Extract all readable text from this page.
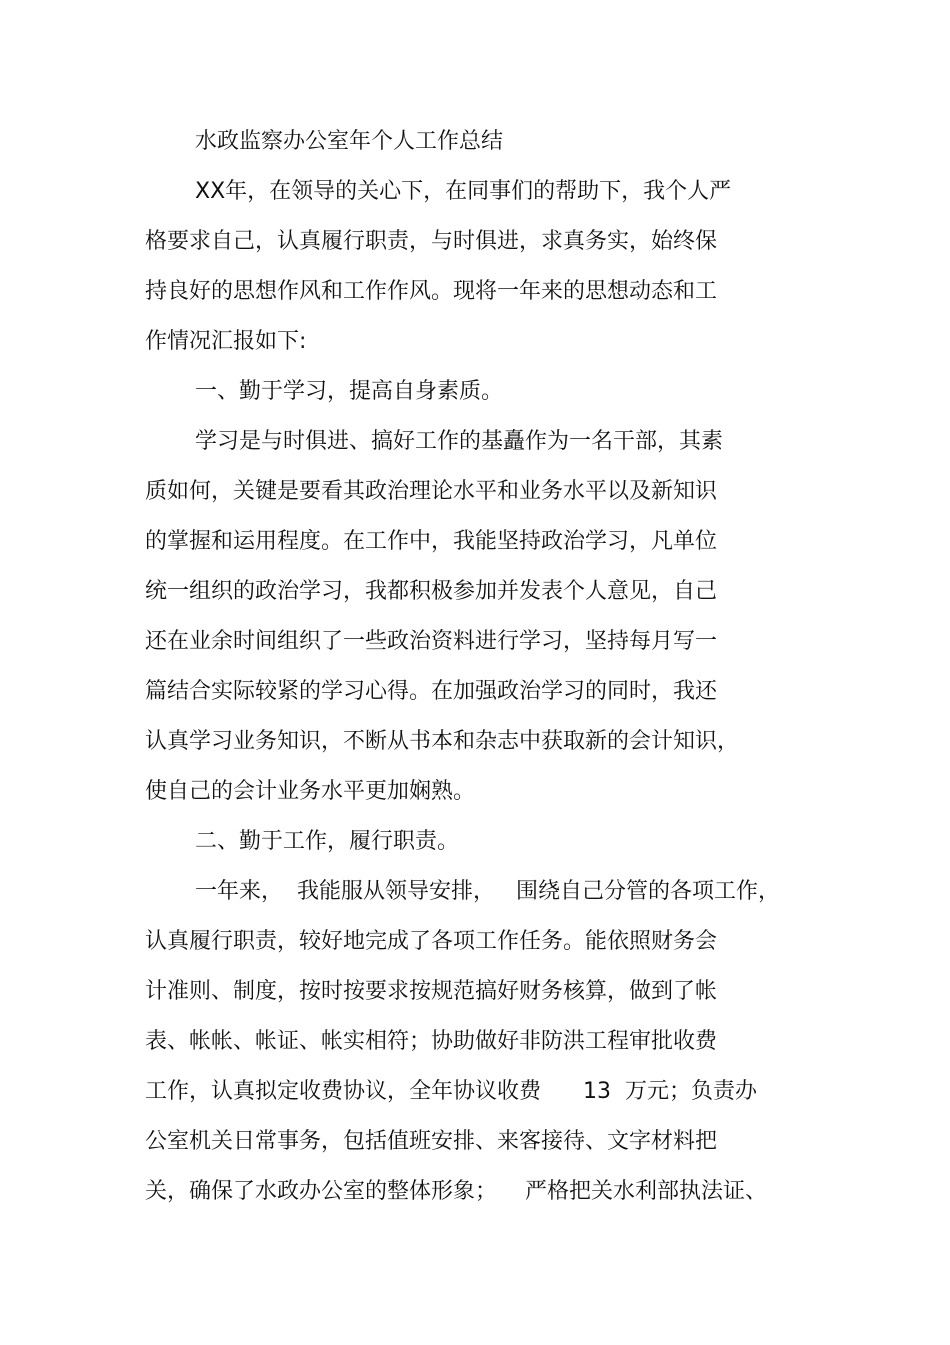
水政监察办公室年个人工作总结

XX年，在领导的关心下，在同事们的帮助下，我个人严

格要求自己，认真履行职责，与时俱进，求真务实，始终保

持良好的思想作风和工作作风。现将一年来的思想动态和工

作情况汇报如下:

一、勤于学习，提高自身素质。

学习是与时俱进、搞好工作的基矗作为一名干部，其素

质如何，关键是要看其政治理论水平和业务水平以及新知识

的掌握和运用程度。在工作中，我能坚持政治学习，凡单位

统一组织的政治学习，我都积极参加并发表个人意见，自己

还在业余时间组织了一些政治资料进行学习，坚持每月写一

篇结合实际较紧的学习心得。在加强政治学习的同时，我还

认真学习业务知识，不断从书本和杂志中获取新的会计知识，

使自己的会计业务水平更加娴熟。

二、勤于工作，履行职责。

一年来，  我能服从领导安排，   围绕自己分管的各项工作，

认真履行职责，较好地完成了各项工作任务。能依照财务会

计准则、制度，按时按要求按规范搞好财务核算，做到了帐

表、帐帐、帐证、帐实相符；协助做好非防洪工程审批收费

工作，认真拟定收费协议，全年协议收费      13  万元；负责办

公室机关日常事务，包括值班安排、来客接待、文字材料把

关，确保了水政办公室的整体形象；    严格把关水利部执法证、
